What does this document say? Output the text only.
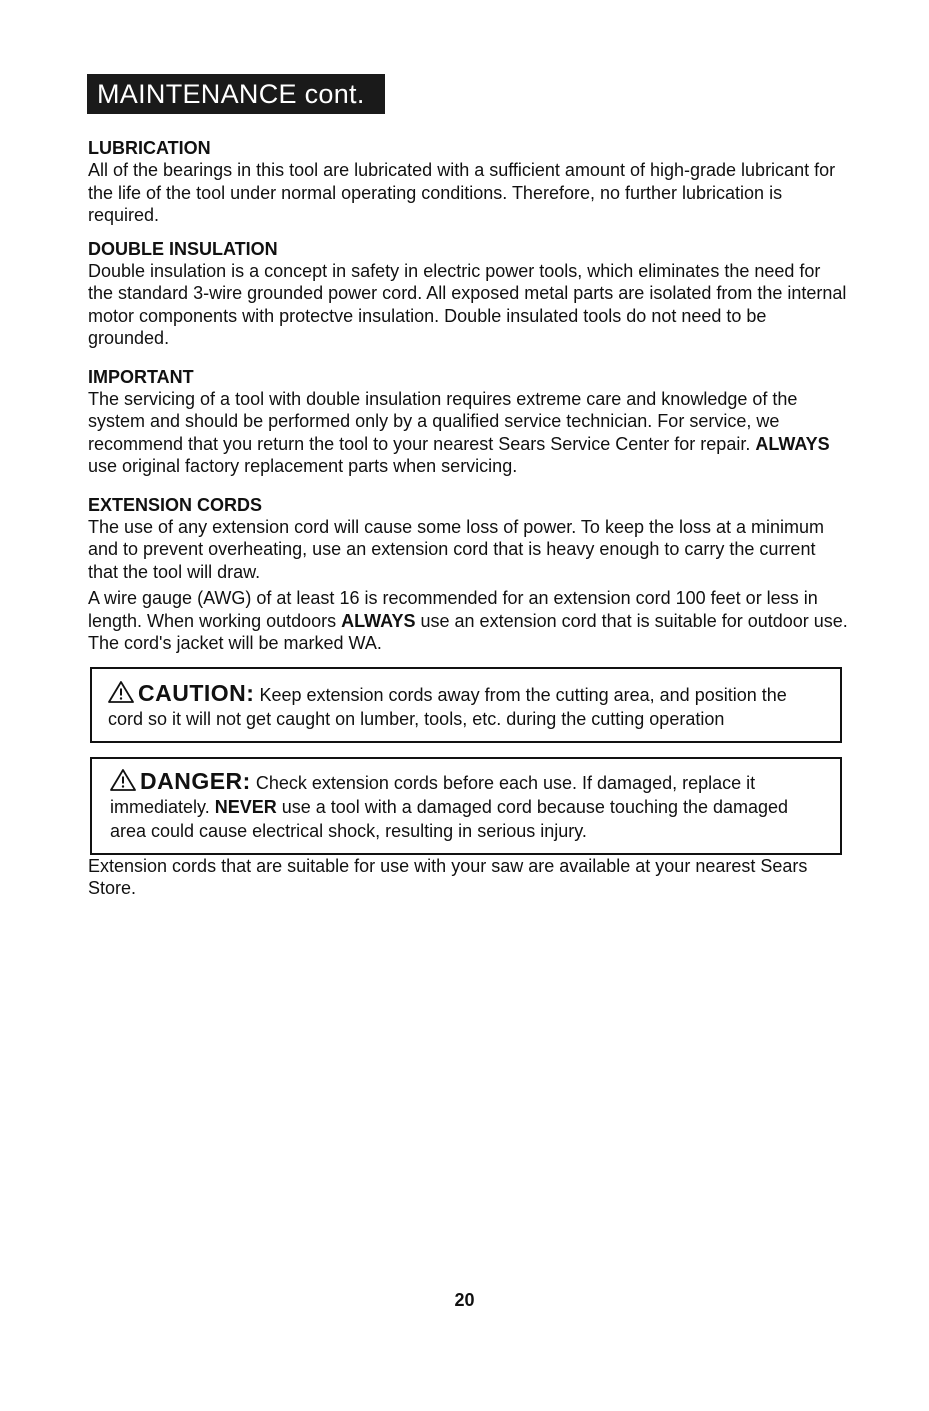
MAINTENANCE cont.
LUBRICATION

All of the bearings in this tool are lubricated with a sufficient amount of high-grade lubricant for the life of the tool under normal operating conditions. Therefore, no further lubrication is required.

DOUBLE INSULATION

Double insulation is a concept in safety in electric power tools, which eliminates the need for the standard 3-wire grounded power cord. All exposed metal parts are isolated from the internal motor components with protectve insulation. Double insulated tools do not need to be grounded.

IMPORTANT

The servicing of a tool with double insulation requires extreme care and knowledge of the system and should be performed only by a qualified service technician. For service, we recommend that you return the tool to your nearest Sears Service Center for repair. ALWAYS use original factory replacement parts when servicing.

EXTENSION CORDS

The use of any extension cord will cause some loss of power. To keep the loss at a minimum and to prevent overheating, use an extension cord that is heavy enough to carry the current that the tool will draw.

A wire gauge (AWG) of at least 16 is recommended for an extension cord 100 feet or less in length. When working outdoors ALWAYS use an extension cord that is suitable for outdoor use. The cord's jacket will be marked WA.

CAUTION: Keep extension cords away from the cutting area, and position the cord so it will not get caught on lumber, tools, etc. during the cutting operation
DANGER: Check extension cords before each use. If damaged, replace it immediately. NEVER use a tool with a damaged cord because touching the damaged area could cause electrical shock, resulting in serious injury.

Extension cords that are suitable for use with your saw are available at your nearest Sears Store.

20
